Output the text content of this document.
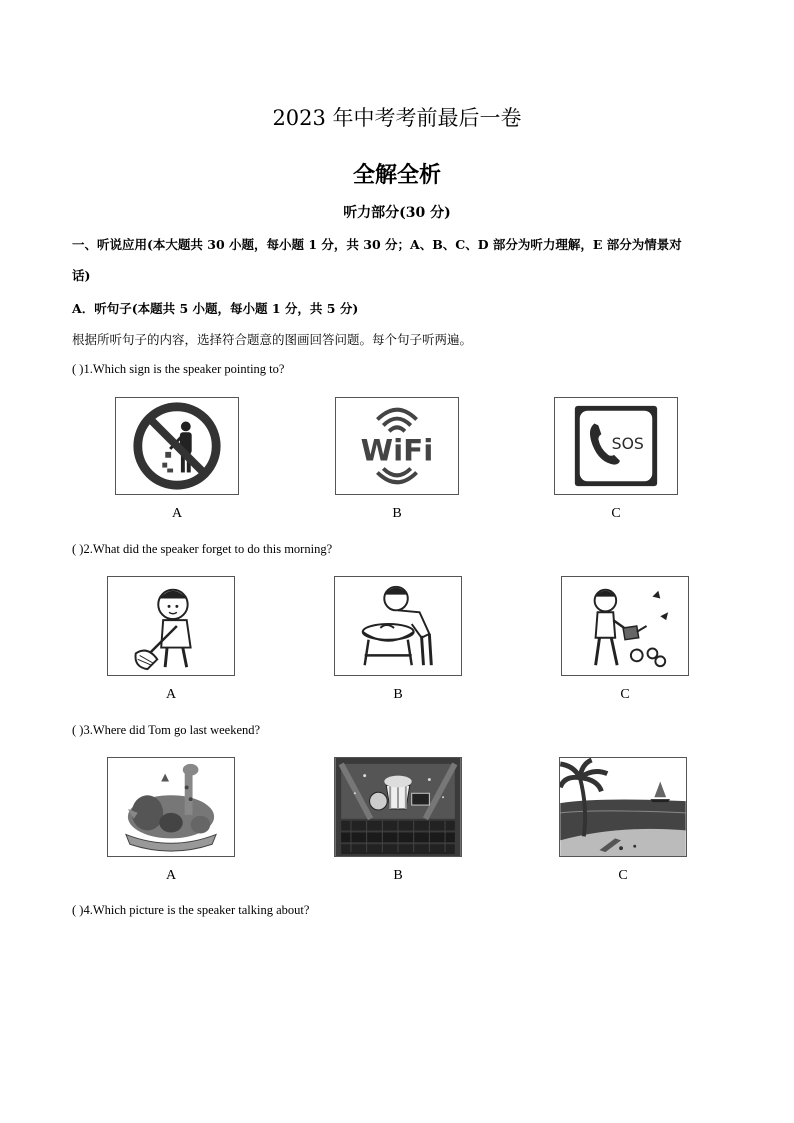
2023 年中考考前最后一卷
全解全析
听力部分(30 分)
一、听说应用(本大题共 30 小题，每小题 1 分，共 30 分；A、B、C、D 部分为听力理解，E 部分为情景对
话)
A．听句子(本题共 5 小题，每小题 1 分，共 5 分)
根据所听句子的内容，选择符合题意的图画回答问题。每个句子听两遍。
( )1.Which sign is the speaker pointing to?
WiFi	SOS
A	B	C
( )2.What did the speaker forget to do this morning?
A	B	C
( )3.Where did Tom go last weekend?
A	B	C
( )4.Which picture is the speaker talking about?
